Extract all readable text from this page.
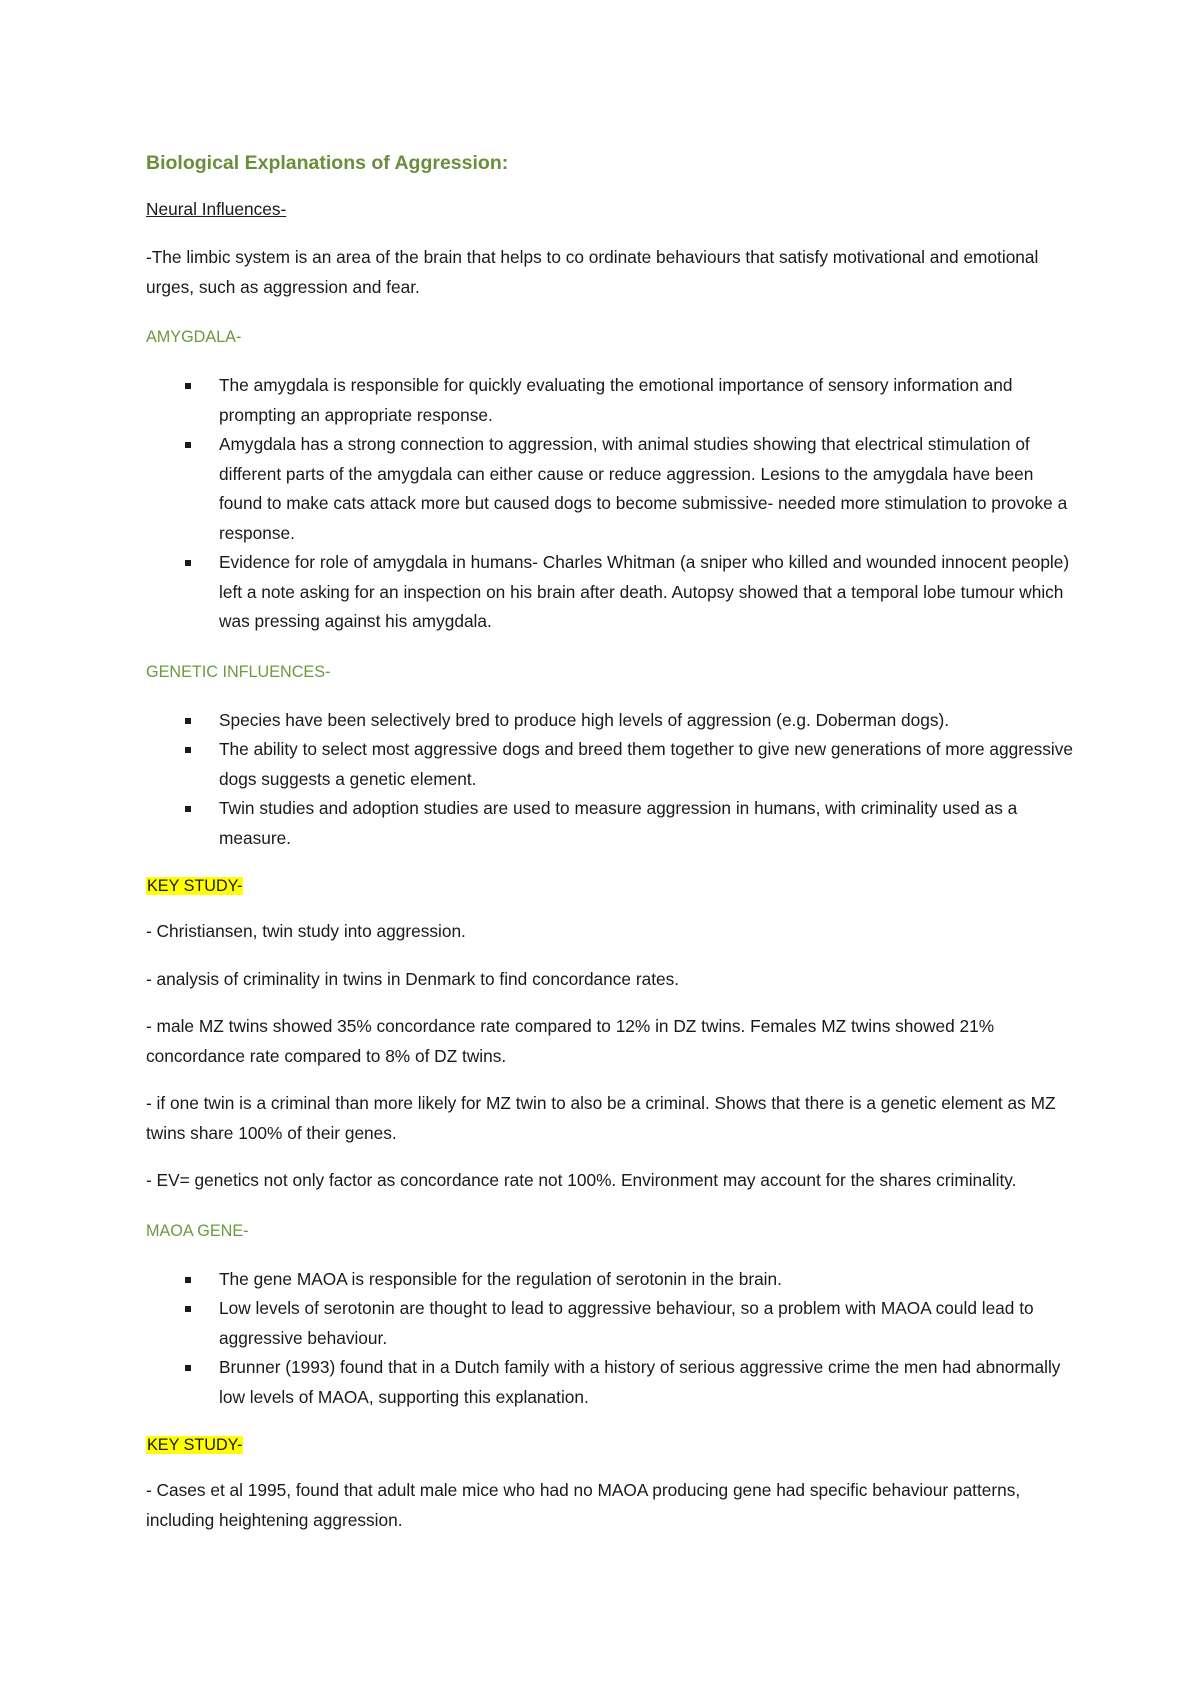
Biological Explanations of Aggression:

Neural Influences-

-The limbic system is an area of the brain that helps to co ordinate behaviours that satisfy motivational and emotional urges, such as aggression and fear.

AMYGDALA-

The amygdala is responsible for quickly evaluating the emotional importance of sensory information and prompting an appropriate response.
Amygdala has a strong connection to aggression, with animal studies showing that electrical stimulation of different parts of the amygdala can either cause or reduce aggression. Lesions to the amygdala have been found to make cats attack more but caused dogs to become submissive- needed more stimulation to provoke a response.
Evidence for role of amygdala in humans- Charles Whitman (a sniper who killed and wounded innocent people) left a note asking for an inspection on his brain after death. Autopsy showed that a temporal lobe tumour which was pressing against his amygdala.

GENETIC INFLUENCES-

Species have been selectively bred to produce high levels of aggression (e.g. Doberman dogs).
The ability to select most aggressive dogs and breed them together to give new generations of more aggressive dogs suggests a genetic element.
Twin studies and adoption studies are used to measure aggression in humans, with criminality used as a measure.

KEY STUDY-

- Christiansen, twin study into aggression.

- analysis of criminality in twins in Denmark to find concordance rates.

- male MZ twins showed 35% concordance rate compared to 12% in DZ twins. Females MZ twins showed 21% concordance rate compared to 8% of DZ twins.

- if one twin is a criminal than more likely for MZ twin to also be a criminal. Shows that there is a genetic element as MZ twins share 100% of their genes.

- EV= genetics not only factor as concordance rate not 100%. Environment may account for the shares criminality.

MAOA GENE-

The gene MAOA is responsible for the regulation of serotonin in the brain.
Low levels of serotonin are thought to lead to aggressive behaviour, so a problem with MAOA could lead to aggressive behaviour.
Brunner (1993) found that in a Dutch family with a history of serious aggressive crime the men had abnormally low levels of MAOA, supporting this explanation.

KEY STUDY-

- Cases et al 1995, found that adult male mice who had no MAOA producing gene had specific behaviour patterns, including heightening aggression.
